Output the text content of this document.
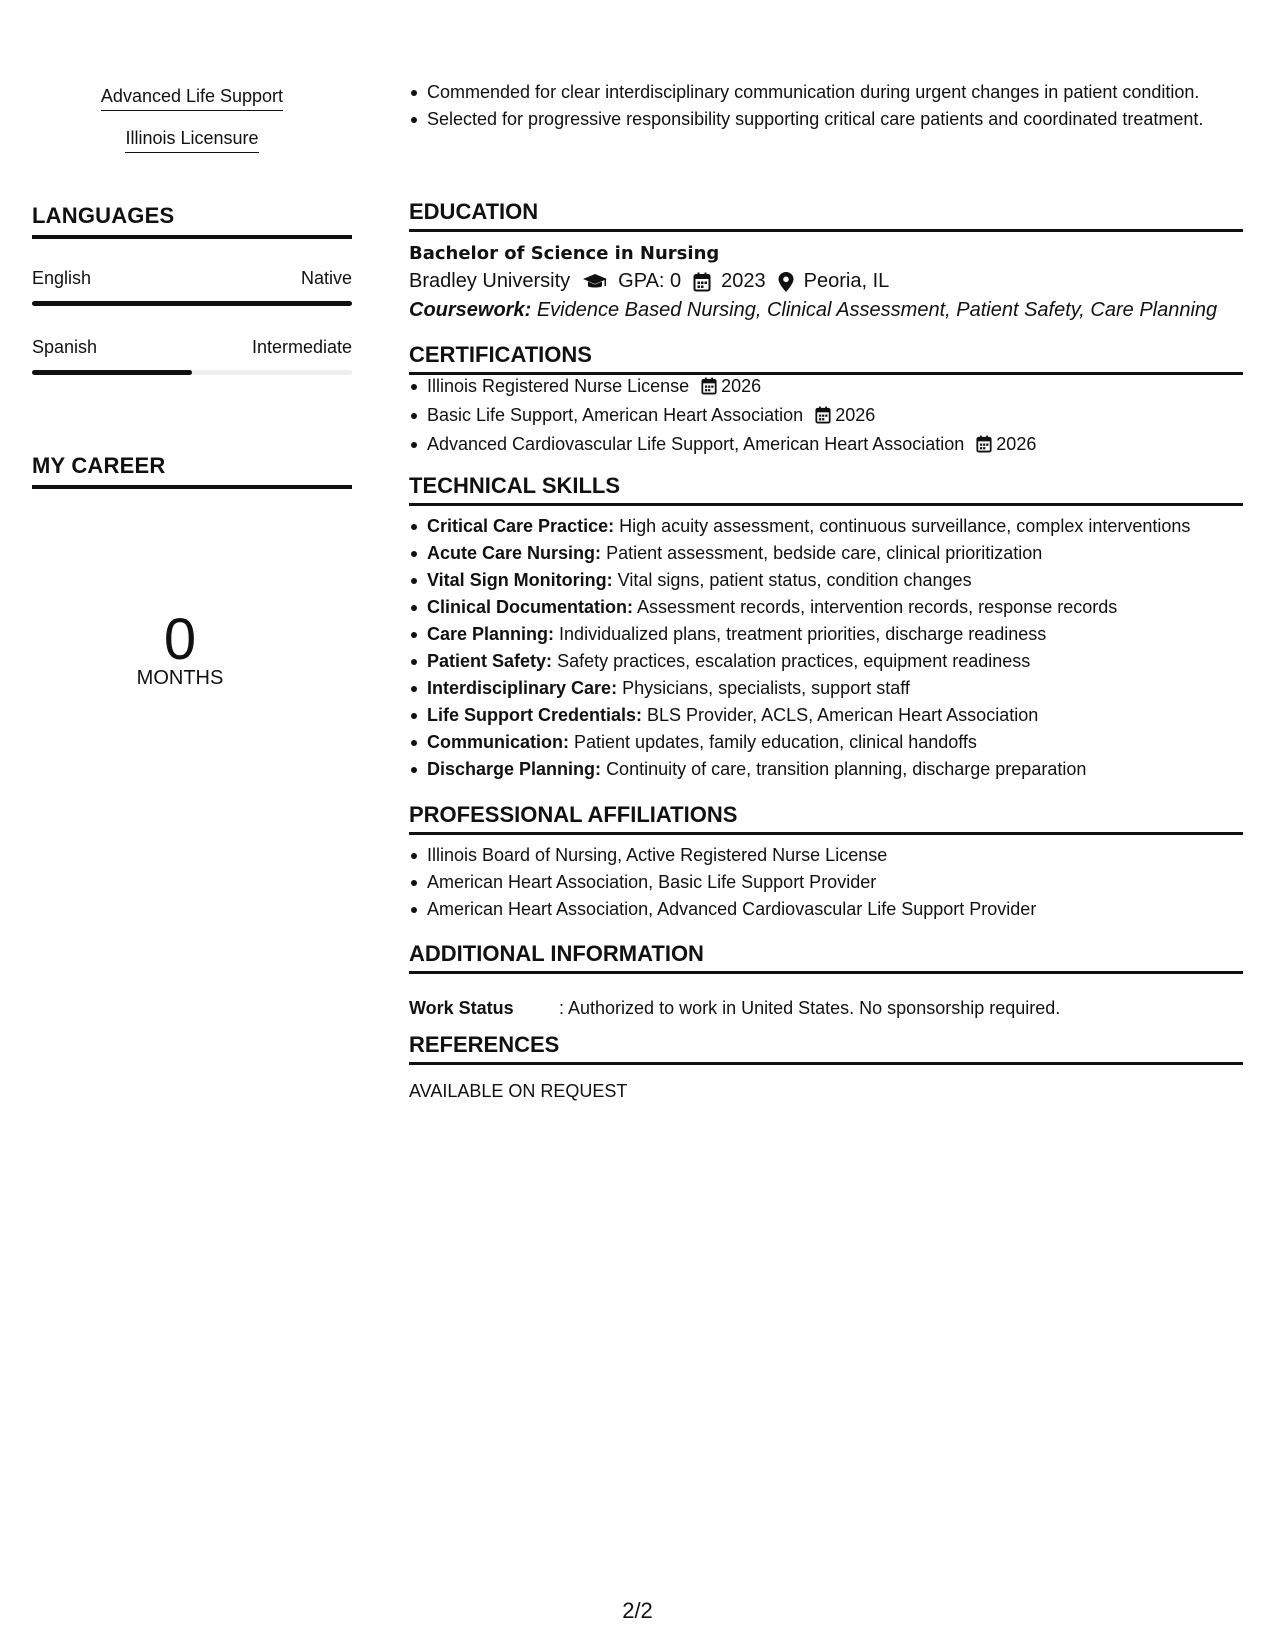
Advanced Life Support
Illinois Licensure
LANGUAGES
English	Native
Spanish	Intermediate
MY CAREER
0
MONTHS
Commended for clear interdisciplinary communication during urgent changes in patient condition.
Selected for progressive responsibility supporting critical care patients and coordinated treatment.
EDUCATION
Bachelor of Science in Nursing
Bradley University GPA: 0 2023 Peoria, IL
Coursework: Evidence Based Nursing, Clinical Assessment, Patient Safety, Care Planning
CERTIFICATIONS
Illinois Registered Nurse License 2026
Basic Life Support, American Heart Association 2026
Advanced Cardiovascular Life Support, American Heart Association 2026
TECHNICAL SKILLS
Critical Care Practice: High acuity assessment, continuous surveillance, complex interventions
Acute Care Nursing: Patient assessment, bedside care, clinical prioritization
Vital Sign Monitoring: Vital signs, patient status, condition changes
Clinical Documentation: Assessment records, intervention records, response records
Care Planning: Individualized plans, treatment priorities, discharge readiness
Patient Safety: Safety practices, escalation practices, equipment readiness
Interdisciplinary Care: Physicians, specialists, support staff
Life Support Credentials: BLS Provider, ACLS, American Heart Association
Communication: Patient updates, family education, clinical handoffs
Discharge Planning: Continuity of care, transition planning, discharge preparation
PROFESSIONAL AFFILIATIONS
Illinois Board of Nursing, Active Registered Nurse License
American Heart Association, Basic Life Support Provider
American Heart Association, Advanced Cardiovascular Life Support Provider
ADDITIONAL INFORMATION
Work Status	: Authorized to work in United States. No sponsorship required.
REFERENCES
AVAILABLE ON REQUEST
2/2
